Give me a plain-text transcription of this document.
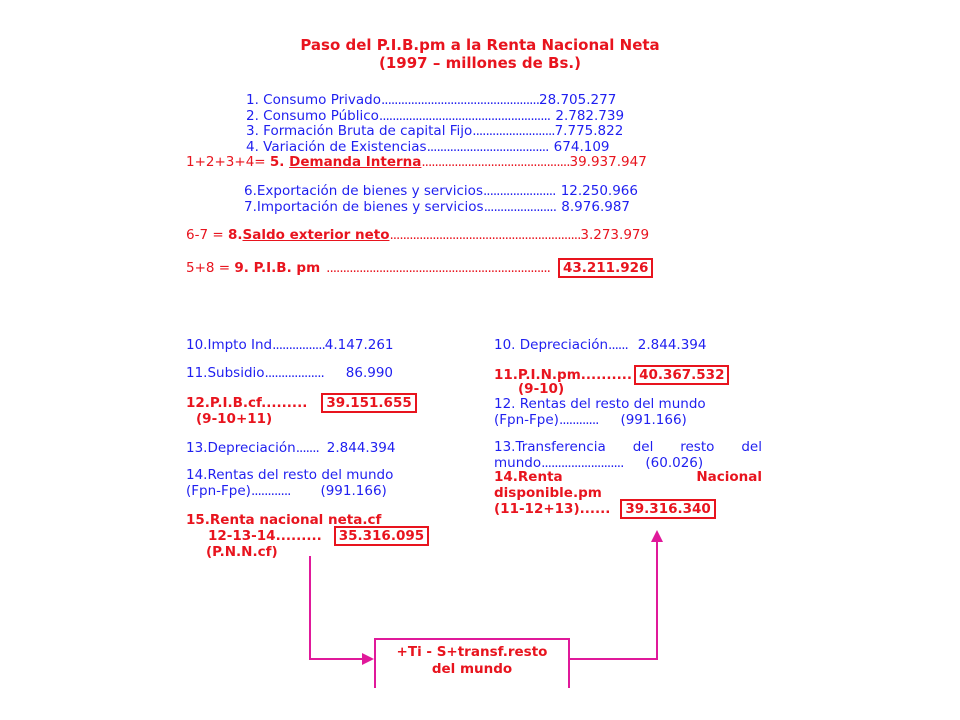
Paso del P.I.B.pm a la Renta Nacional Neta
(1997 – millones de Bs.)
1. Consumo Privado................................................28.705.277
2. Consumo Público.................................................... 2.782.739
3. Formación Bruta de capital Fijo.........................7.775.822
4. Variación de Existencias..................................... 674.109
1+2+3+4= 5. Demanda Interna.............................................39.937.947
6.Exportación de bienes y servicios...................... 12.250.966
7.Importación de bienes y servicios...................... 8.976.987
6-7 = 8.Saldo exterior neto..........................................................3.273.979
5+8 = 9. P.I.B. pm .................................................................... 43.211.926
10.Impto Ind................4.147.261
11.Subsidio.................. 86.990
12.P.I.B.cf......... 39.151.655
(9-10+11)
13.Depreciación....... 2.844.394
14.Rentas del resto del mundo
(Fpn-Fpe)............ (991.166)
15.Renta nacional neta.cf
12-13-14......... 35.316.095
(P.N.N.cf)
10. Depreciación...... 2.844.394
11.P.I.N.pm.......... 40.367.532
(9-10)
12. Rentas del resto del mundo
(Fpn-Fpe)............ (991.166)
13.Transferencia del resto del
mundo......................... (60.026)
14.Renta	Nacional
disponible.pm
(11-12+13)...... 39.316.340
+Ti - S+transf.resto
del mundo
